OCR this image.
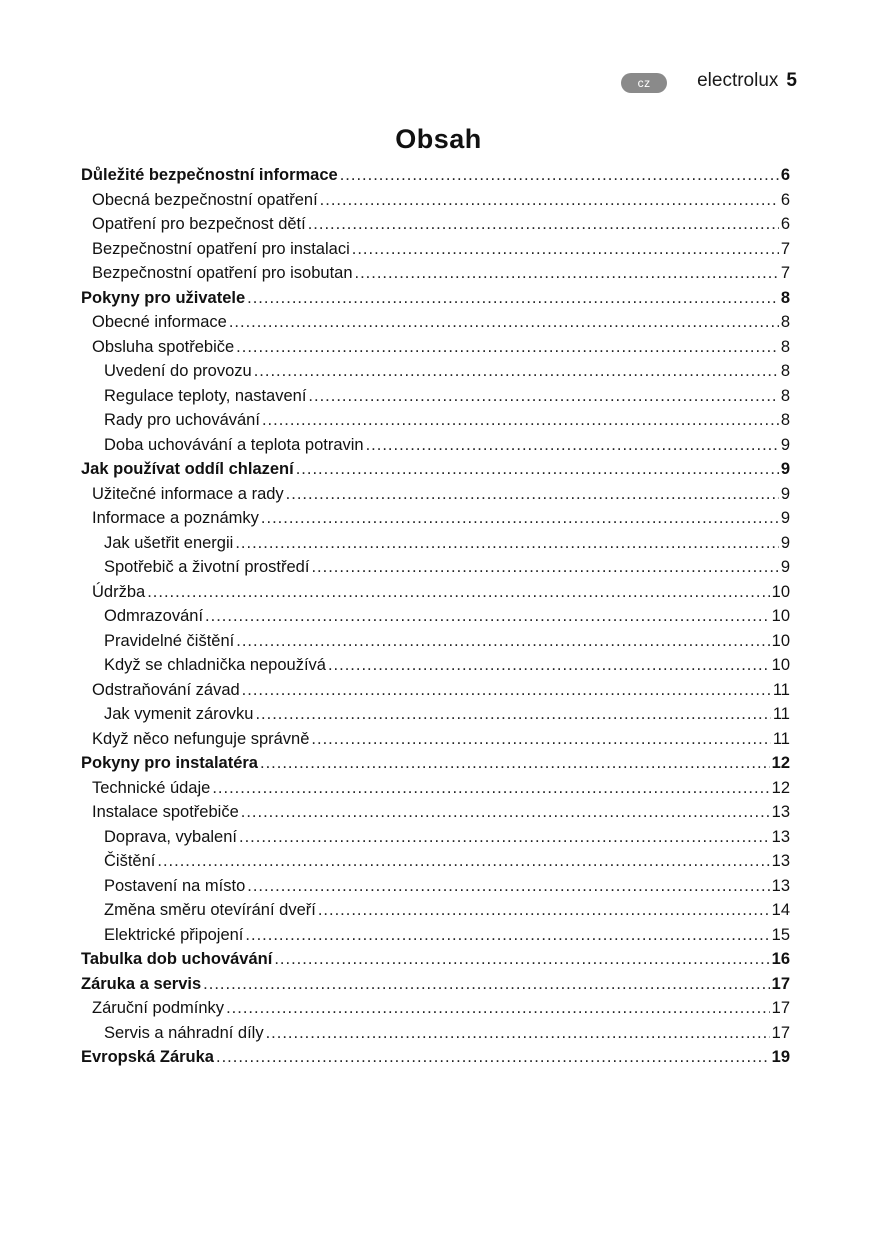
cz	electrolux 5
Obsah
Důležité bezpečnostní informace .....	6
Obecná bezpečnostní opatření .....	6
Opatření pro bezpečnost dětí .....	6
Bezpečnostní opatření pro instalaci .....	7
Bezpečnostní opatření pro isobutan .....	7
Pokyny pro uživatele .....	8
Obecné informace .....	8
Obsluha spotřebiče .....	8
Uvedení do provozu .....	8
Regulace teploty, nastavení .....	8
Rady pro uchovávání .....	8
Doba uchovávání a teplota potravin .....	9
Jak používat oddíl chlazení .....	9
Užitečné informace a rady .....	9
Informace a poznámky .....	9
Jak ušetřit energii .....	9
Spotřebič a životní prostředí .....	9
Údržba .....	10
Odmrazování .....	10
Pravidelné čištění .....	10
Když se chladnička nepoužívá .....	10
Odstraňování závad .....	11
Jak vymenit zárovku .....	11
Když něco nefunguje správně .....	11
Pokyny pro instalatéra .....	12
Technické údaje .....	12
Instalace spotřebiče .....	13
Doprava, vybalení .....	13
Čištění .....	13
Postavení na místo .....	13
Změna směru otevírání dveří .....	14
Elektrické připojení .....	15
Tabulka dob uchovávání .....	16
Záruka a servis .....	17
Záruční podmínky .....	17
Servis a náhradní díly .....	17
Evropská Záruka .....	19
